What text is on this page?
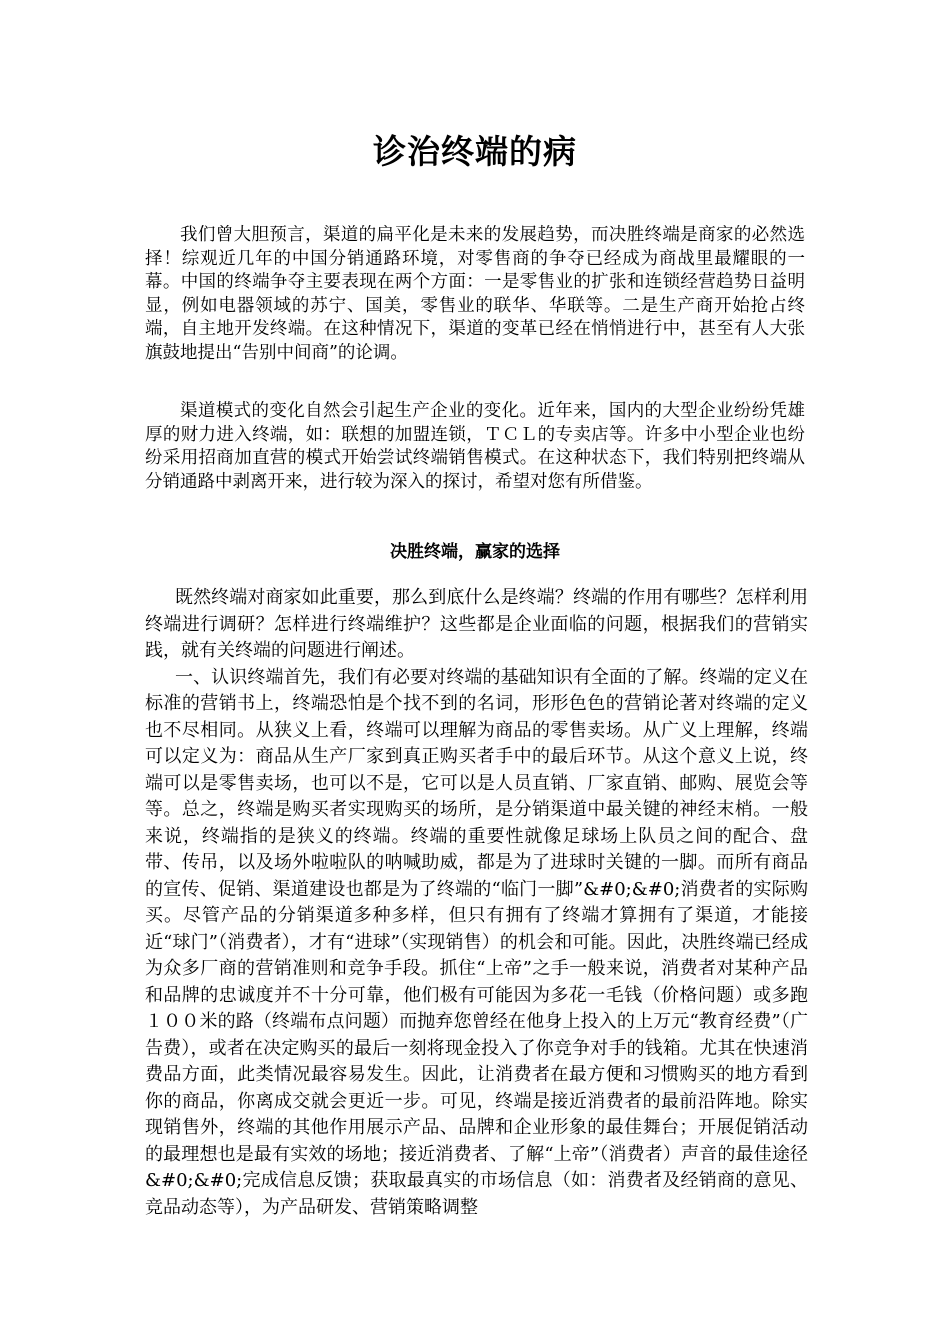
诊治终端的病
我们曾大胆预言，渠道的扁平化是未来的发展趋势，而决胜终端是商家的必然选择！综观近几年的中国分销通路环境，对零售商的争夺已经成为商战里最耀眼的一幕。中国的终端争夺主要表现在两个方面：一是零售业的扩张和连锁经营趋势日益明显，例如电器领域的苏宁、国美，零售业的联华、华联等。二是生产商开始抢占终端，自主地开发终端。在这种情况下，渠道的变革已经在悄悄进行中，甚至有人大张旗鼓地提出“告别中间商”的论调。
渠道模式的变化自然会引起生产企业的变化。近年来，国内的大型企业纷纷凭雄厚的财力进入终端，如：联想的加盟连锁，ＴＣＬ的专卖店等。许多中小型企业也纷纷采用招商加直营的模式开始尝试终端销售模式。在这种状态下，我们特别把终端从分销通路中剥离开来，进行较为深入的探讨，希望对您有所借鉴。
决胜终端，赢家的选择

既然终端对商家如此重要，那么到底什么是终端？终端的作用有哪些？怎样利用终端进行调研？怎样进行终端维护？这些都是企业面临的问题，根据我们的营销实践，就有关终端的问题进行阐述。

一、认识终端首先，我们有必要对终端的基础知识有全面的了解。终端的定义在标准的营销书上，终端恐怕是个找不到的名词，形形色色的营销论著对终端的定义也不尽相同。从狭义上看，终端可以理解为商品的零售卖场。从广义上理解，终端可以定义为：商品从生产厂家到真正购买者手中的最后环节。从这个意义上说，终端可以是零售卖场，也可以不是，它可以是人员直销、厂家直销、邮购、展览会等等。总之，终端是购买者实现购买的场所，是分销渠道中最关键的神经末梢。一般来说，终端指的是狭义的终端。终端的重要性就像足球场上队员之间的配合、盘带、传吊，以及场外啦啦队的呐喊助威，都是为了进球时关键的一脚。而所有商品的宣传、促销、渠道建设也都是为了终端的“临门一脚”&#0;&#0;消费者的实际购买。尽管产品的分销渠道多种多样，但只有拥有了终端才算拥有了渠道，才能接近“球门”（消费者），才有“进球”（实现销售）的机会和可能。因此，决胜终端已经成为众多厂商的营销准则和竞争手段。抓住“上帝”之手一般来说，消费者对某种产品和品牌的忠诚度并不十分可靠，他们极有可能因为多花一毛钱（价格问题）或多跑１００米的路（终端布点问题）而抛弃您曾经在他身上投入的上万元“教育经费”（广告费），或者在决定购买的最后一刻将现金投入了你竞争对手的钱箱。尤其在快速消费品方面，此类情况最容易发生。因此，让消费者在最方便和习惯购买的地方看到你的商品，你离成交就会更近一步。可见，终端是接近消费者的最前沿阵地。除实现销售外，终端的其他作用展示产品、品牌和企业形象的最佳舞台；开展促销活动的最理想也是最有实效的场地；接近消费者、了解“上帝”（消费者）声音的最佳途径&#0;&#0;完成信息反馈；获取最真实的市场信息（如：消费者及经销商的意见、竞品动态等），为产品研发、营销策略调整
